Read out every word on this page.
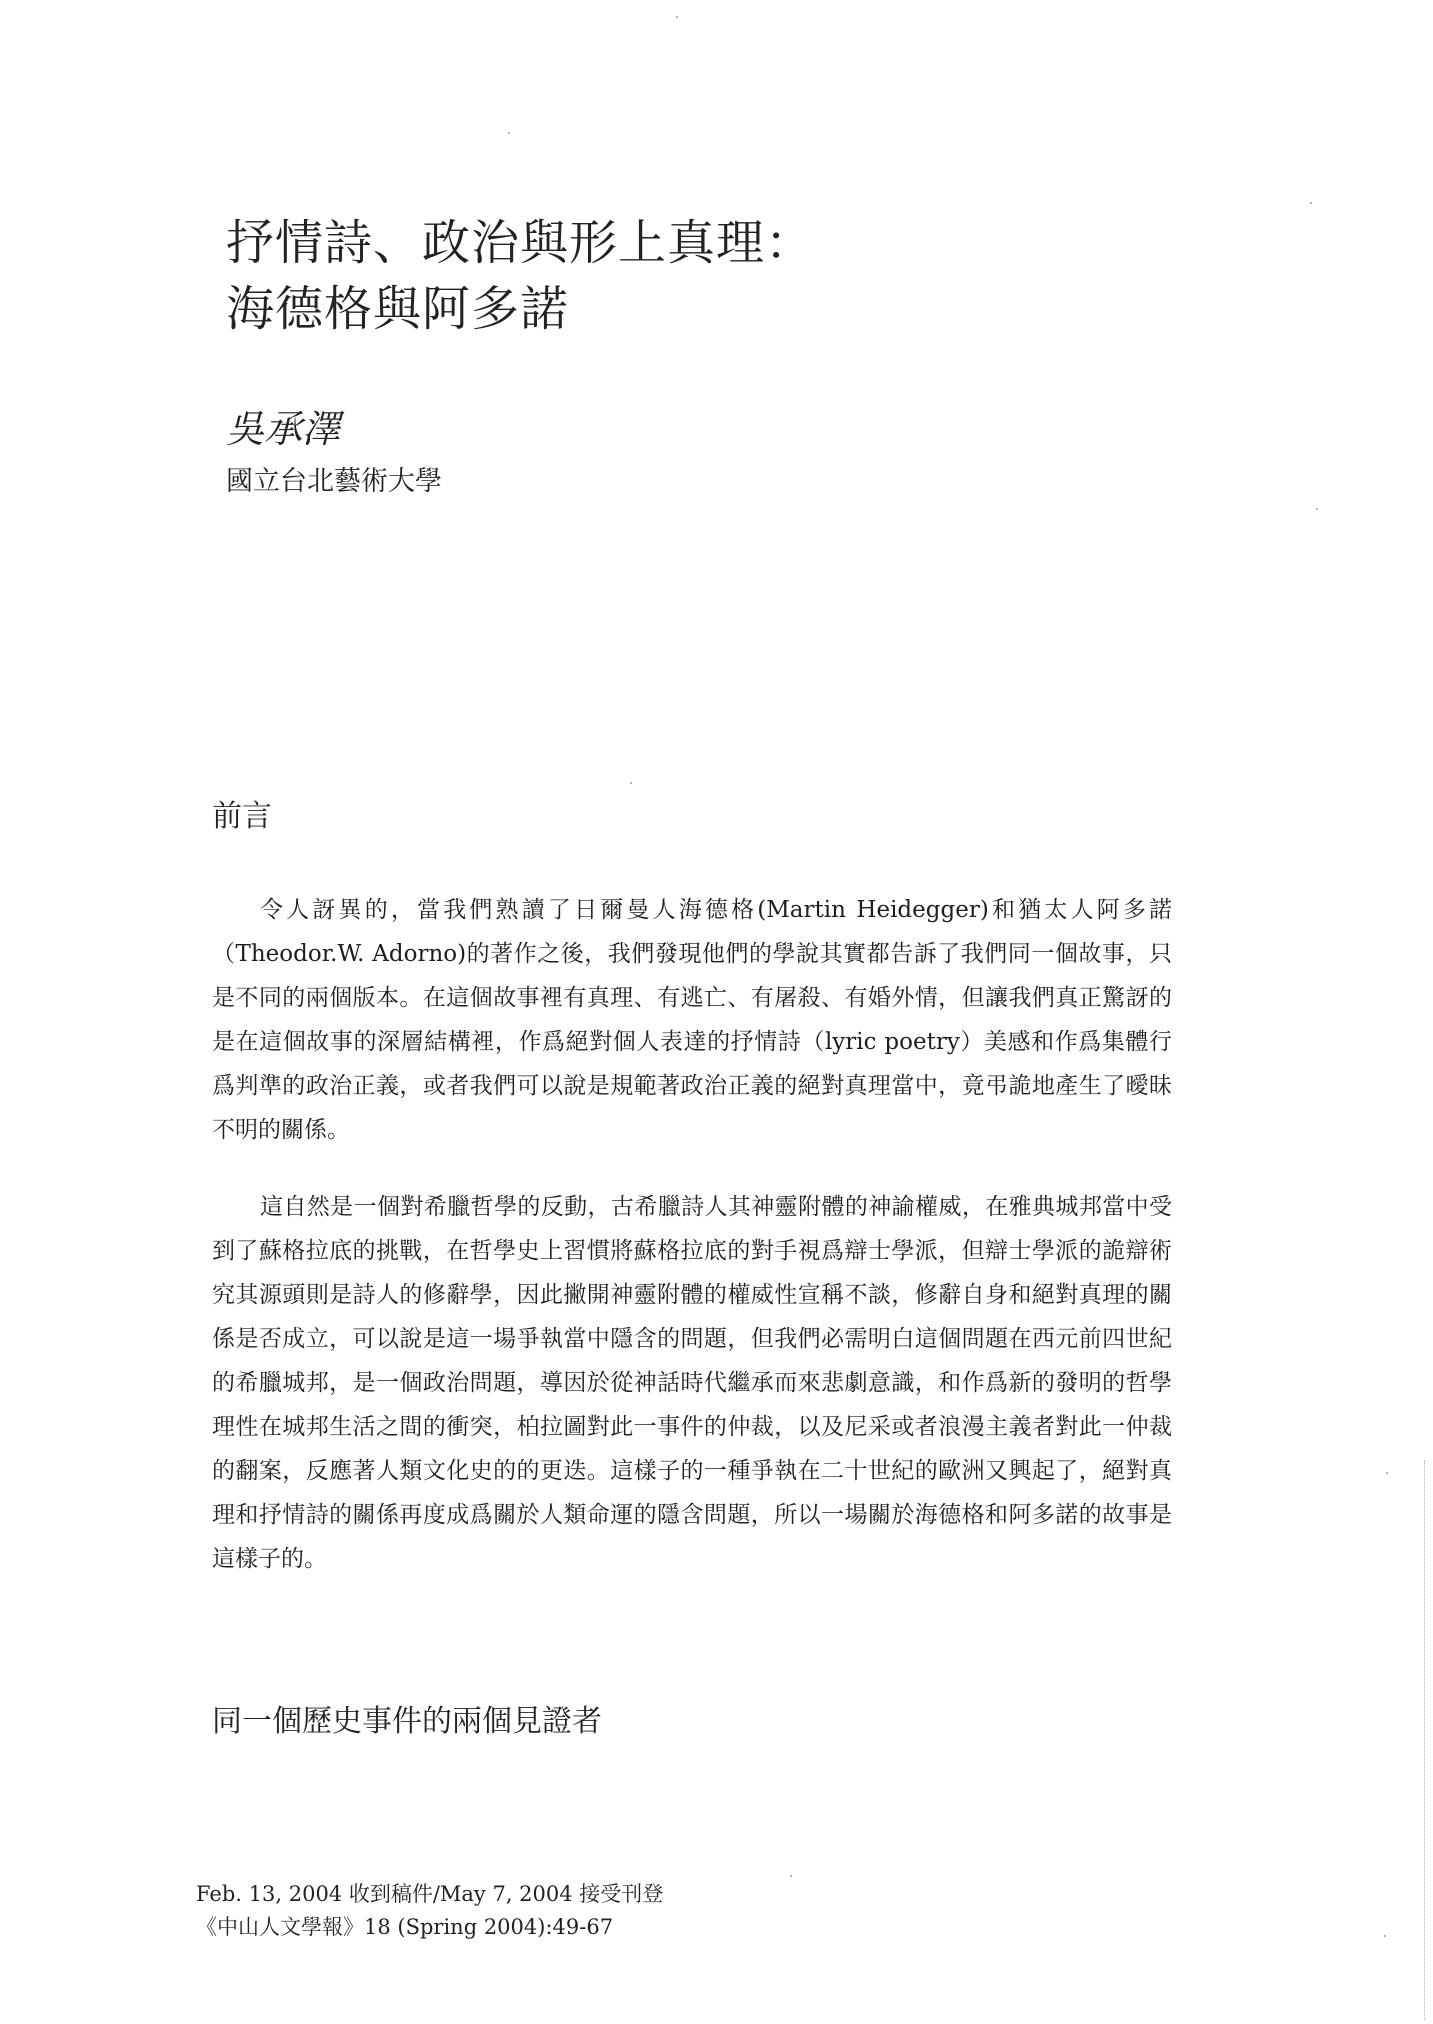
抒情詩、政治與形上真理：
海德格與阿多諾
吳承澤
國立台北藝術大學
前言

令人訝異的，當我們熟讀了日爾曼人海德格(Martin Heidegger)和猶太人阿多諾（Theodor.W. Adorno)的著作之後，我們發現他們的學說其實都告訴了我們同一個故事，只是不同的兩個版本。在這個故事裡有真理、有逃亡、有屠殺、有婚外情，但讓我們真正驚訝的是在這個故事的深層結構裡，作爲絕對個人表達的抒情詩（lyric poetry）美感和作爲集體行爲判準的政治正義，或者我們可以說是規範著政治正義的絕對真理當中，竟弔詭地產生了曖昧不明的關係。

這自然是一個對希臘哲學的反動，古希臘詩人其神靈附體的神諭權威，在雅典城邦當中受到了蘇格拉底的挑戰，在哲學史上習慣將蘇格拉底的對手視爲辯士學派，但辯士學派的詭辯術究其源頭則是詩人的修辭學，因此撇開神靈附體的權威性宣稱不談，修辭自身和絕對真理的關係是否成立，可以說是這一場爭執當中隱含的問題，但我們必需明白這個問題在西元前四世紀的希臘城邦，是一個政治問題，導因於從神話時代繼承而來悲劇意識，和作爲新的發明的哲學理性在城邦生活之間的衝突，柏拉圖對此一事件的仲裁，以及尼采或者浪漫主義者對此一仲裁的翻案，反應著人類文化史的的更迭。這樣子的一種爭執在二十世紀的歐洲又興起了，絕對真理和抒情詩的關係再度成爲關於人類命運的隱含問題，所以一場關於海德格和阿多諾的故事是這樣子的。

同一個歷史事件的兩個見證者
Feb. 13, 2004 收到稿件/May 7, 2004 接受刊登
《中山人文學報》18 (Spring 2004):49-67
